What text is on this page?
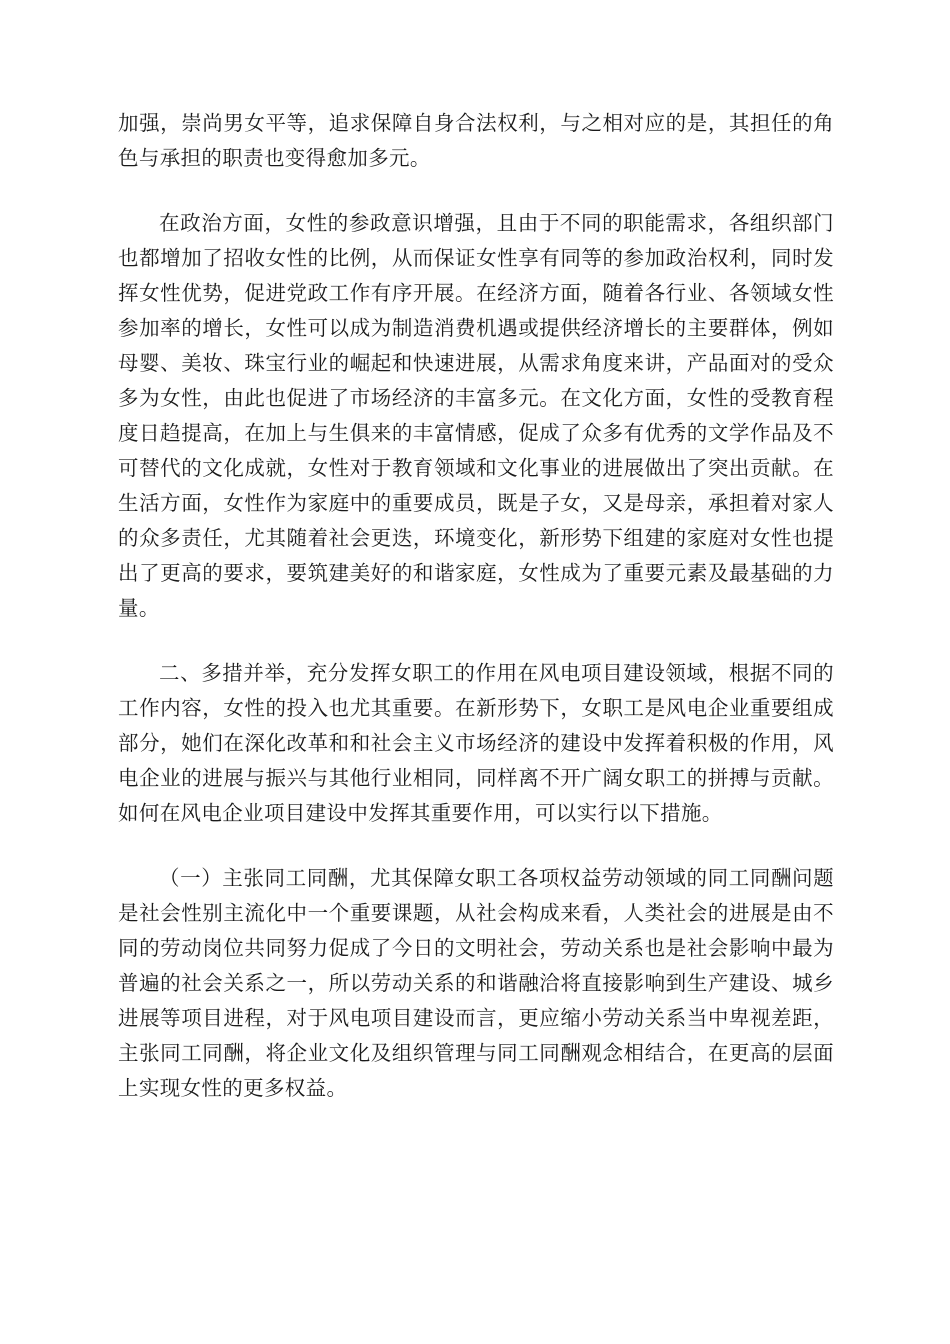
加强，崇尚男女平等，追求保障自身合法权利，与之相对应的是，其担任的角色与承担的职责也变得愈加多元。

在政治方面，女性的参政意识增强，且由于不同的职能需求，各组织部门也都增加了招收女性的比例，从而保证女性享有同等的参加政治权利，同时发挥女性优势，促进党政工作有序开展。在经济方面，随着各行业、各领域女性参加率的增长，女性可以成为制造消费机遇或提供经济增长的主要群体，例如母婴、美妆、珠宝行业的崛起和快速进展，从需求角度来讲，产品面对的受众多为女性，由此也促进了市场经济的丰富多元。在文化方面，女性的受教育程度日趋提高，在加上与生俱来的丰富情感，促成了众多有优秀的文学作品及不可替代的文化成就，女性对于教育领域和文化事业的进展做出了突出贡献。在生活方面，女性作为家庭中的重要成员，既是子女，又是母亲，承担着对家人的众多责任，尤其随着社会更迭，环境变化，新形势下组建的家庭对女性也提出了更高的要求，要筑建美好的和谐家庭，女性成为了重要元素及最基础的力量。

二、多措并举，充分发挥女职工的作用在风电项目建设领域，根据不同的工作内容，女性的投入也尤其重要。在新形势下，女职工是风电企业重要组成部分，她们在深化改革和和社会主义市场经济的建设中发挥着积极的作用，风电企业的进展与振兴与其他行业相同，同样离不开广阔女职工的拼搏与贡献。如何在风电企业项目建设中发挥其重要作用，可以实行以下措施。

（一）主张同工同酬，尤其保障女职工各项权益劳动领域的同工同酬问题是社会性别主流化中一个重要课题，从社会构成来看，人类社会的进展是由不同的劳动岗位共同努力促成了今日的文明社会，劳动关系也是社会影响中最为普遍的社会关系之一，所以劳动关系的和谐融洽将直接影响到生产建设、城乡进展等项目进程，对于风电项目建设而言，更应缩小劳动关系当中卑视差距，主张同工同酬，将企业文化及组织管理与同工同酬观念相结合，在更高的层面上实现女性的更多权益。
